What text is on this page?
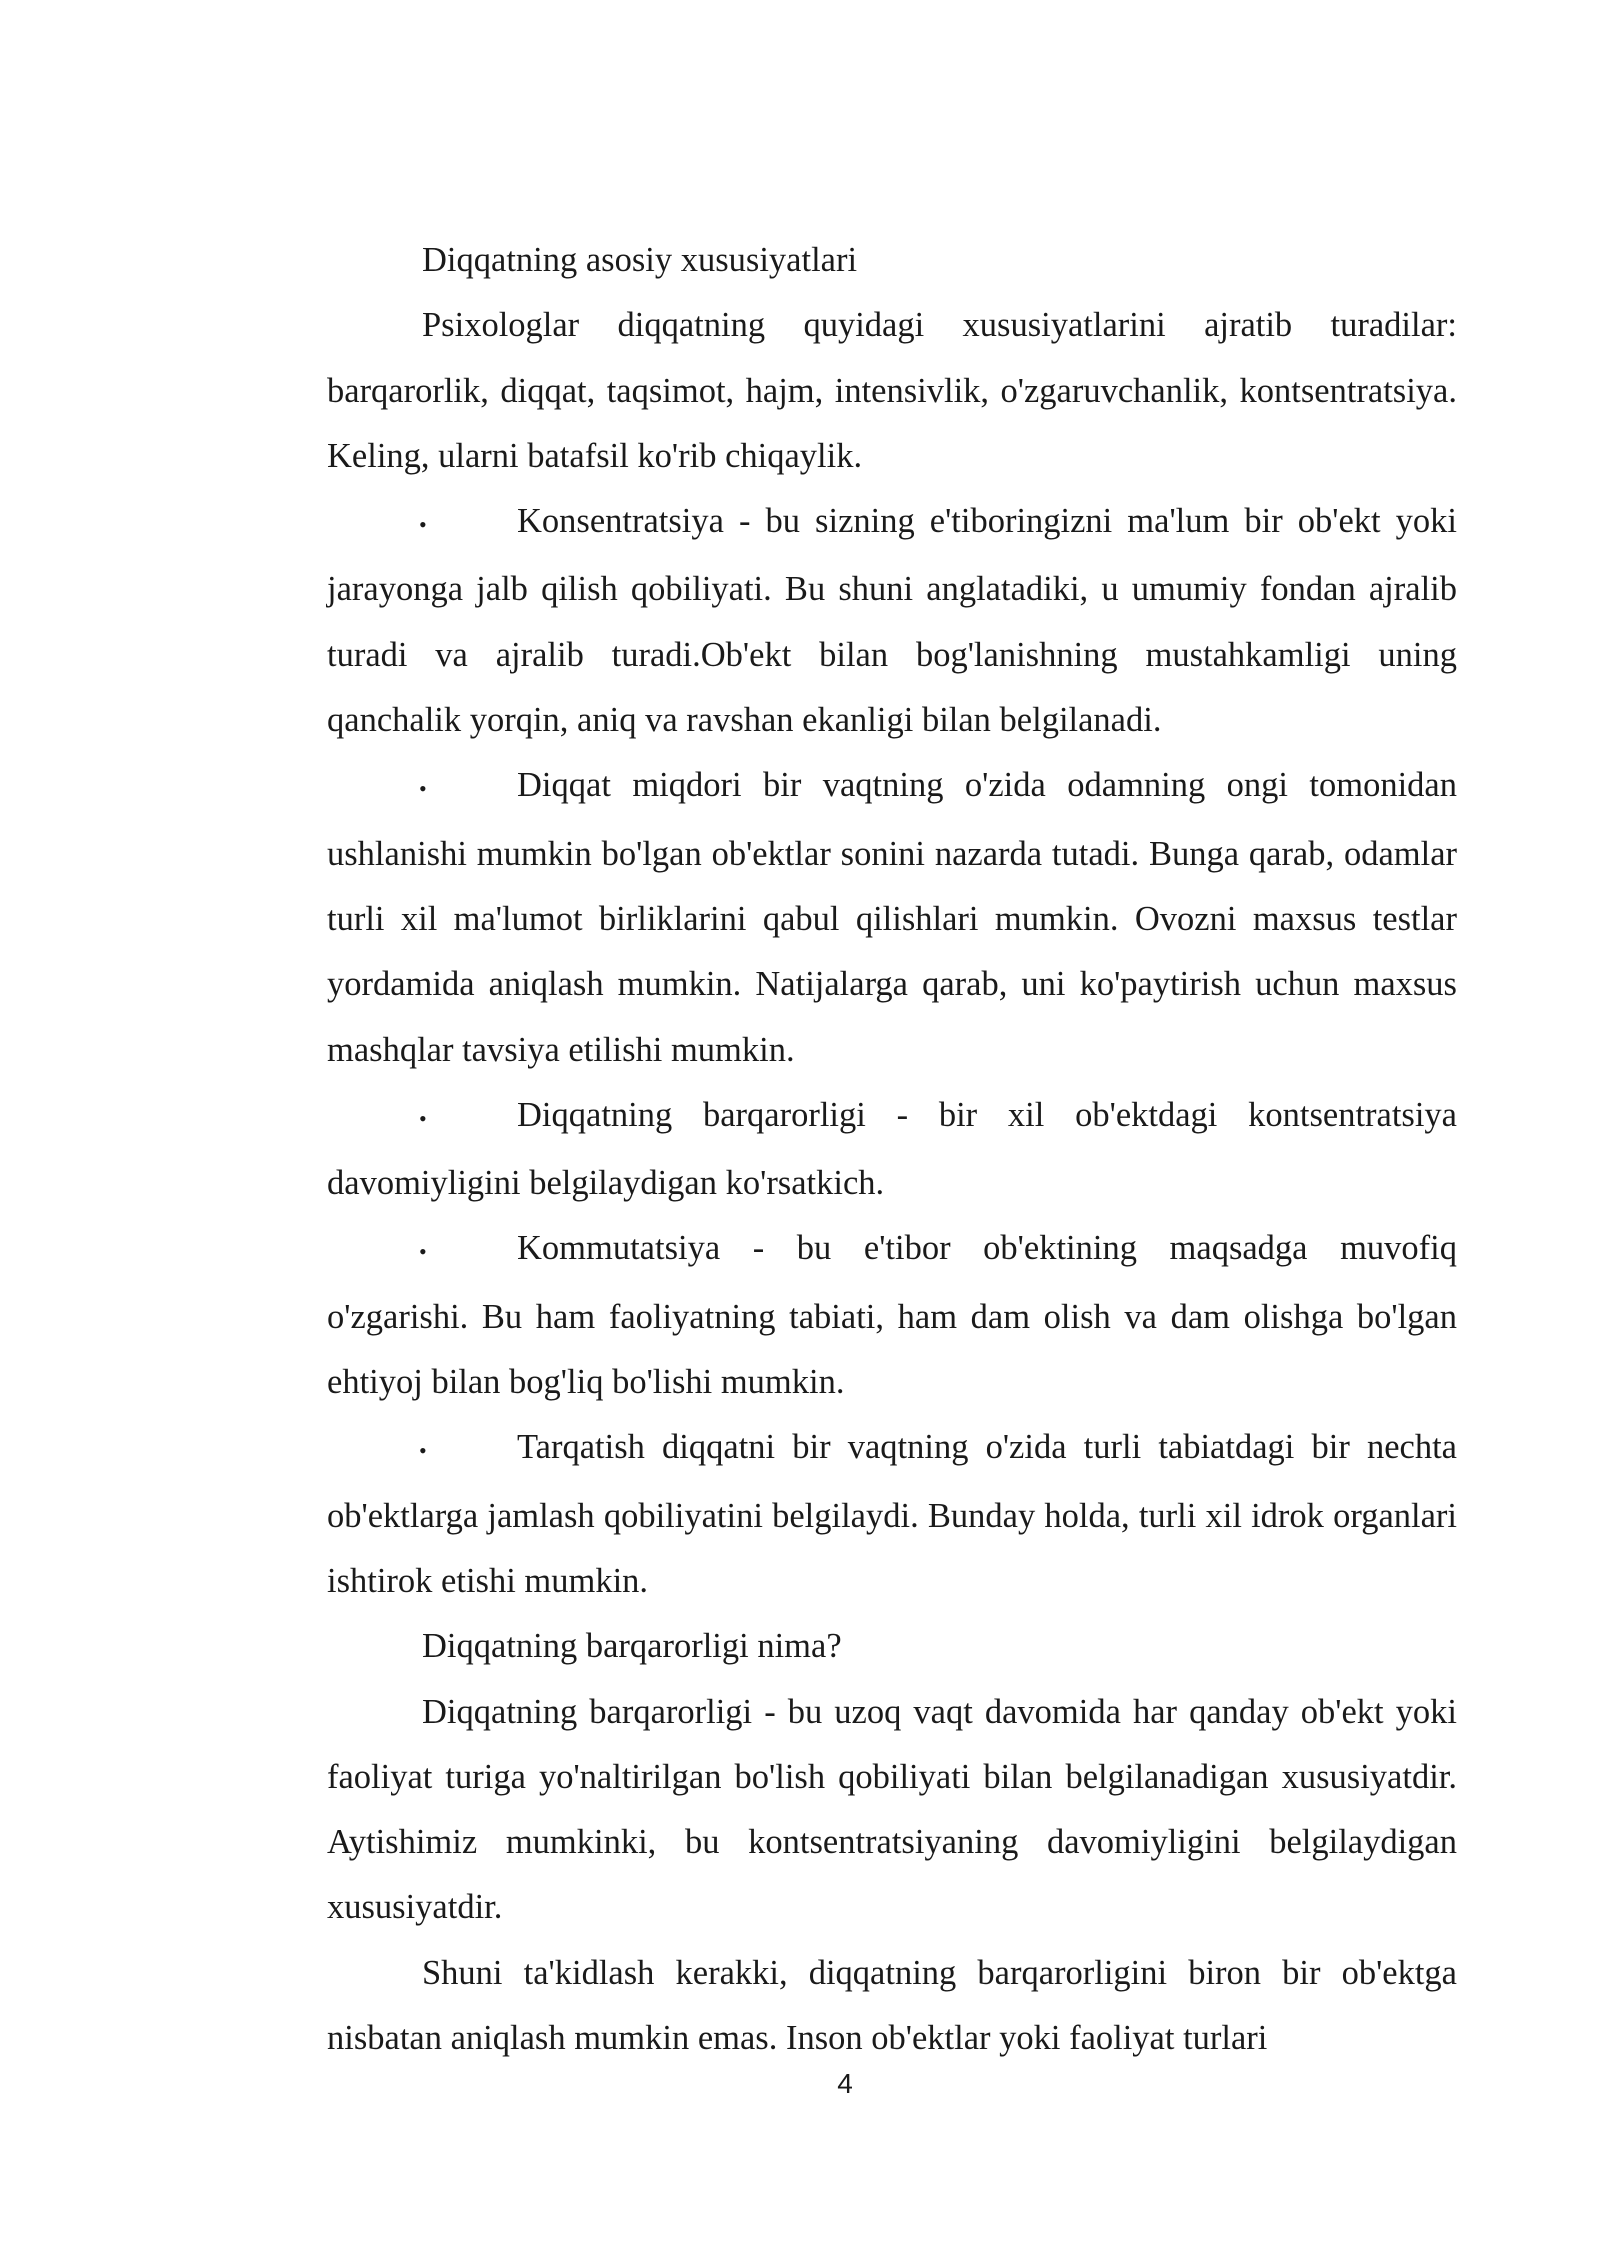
Diqqatning asosiy xususiyatlari

Psixologlar diqqatning quyidagi xususiyatlarini ajratib turadilar: barqarorlik, diqqat, taqsimot, hajm, intensivlik, o'zgaruvchanlik, kontsentratsiya. Keling, ularni batafsil ko'rib chiqaylik.

•	Konsentratsiya - bu sizning e'tiboringizni ma'lum bir ob'ekt yoki jarayonga jalb qilish qobiliyati. Bu shuni anglatadiki, u umumiy fondan ajralib turadi va ajralib turadi.Ob'ekt bilan bog'lanishning mustahkamligi uning qanchalik yorqin, aniq va ravshan ekanligi bilan belgilanadi.

•	Diqqat miqdori bir vaqtning o'zida odamning ongi tomonidan ushlanishi mumkin bo'lgan ob'ektlar sonini nazarda tutadi. Bunga qarab, odamlar turli xil ma'lumot birliklarini qabul qilishlari mumkin. Ovozni maxsus testlar yordamida aniqlash mumkin. Natijalarga qarab, uni ko'paytirish uchun maxsus mashqlar tavsiya etilishi mumkin.

•	Diqqatning barqarorligi - bir xil ob'ektdagi kontsentratsiya davomiyligini belgilaydigan ko'rsatkich.

•	Kommutatsiya - bu e'tibor ob'ektining maqsadga muvofiq o'zgarishi. Bu ham faoliyatning tabiati, ham dam olish va dam olishga bo'lgan ehtiyoj bilan bog'liq bo'lishi mumkin.

•	Tarqatish diqqatni bir vaqtning o'zida turli tabiatdagi bir nechta ob'ektlarga jamlash qobiliyatini belgilaydi. Bunday holda, turli xil idrok organlari ishtirok etishi mumkin.

Diqqatning barqarorligi nima?

Diqqatning barqarorligi - bu uzoq vaqt davomida har qanday ob'ekt yoki faoliyat turiga yo'naltirilgan bo'lish qobiliyati bilan belgilanadigan xususiyatdir. Aytishimiz mumkinki, bu kontsentratsiyaning davomiyligini belgilaydigan xususiyatdir.

Shuni ta'kidlash kerakki, diqqatning barqarorligini biron bir ob'ektga nisbatan aniqlash mumkin emas. Inson ob'ektlar yoki faoliyat turlari

4
